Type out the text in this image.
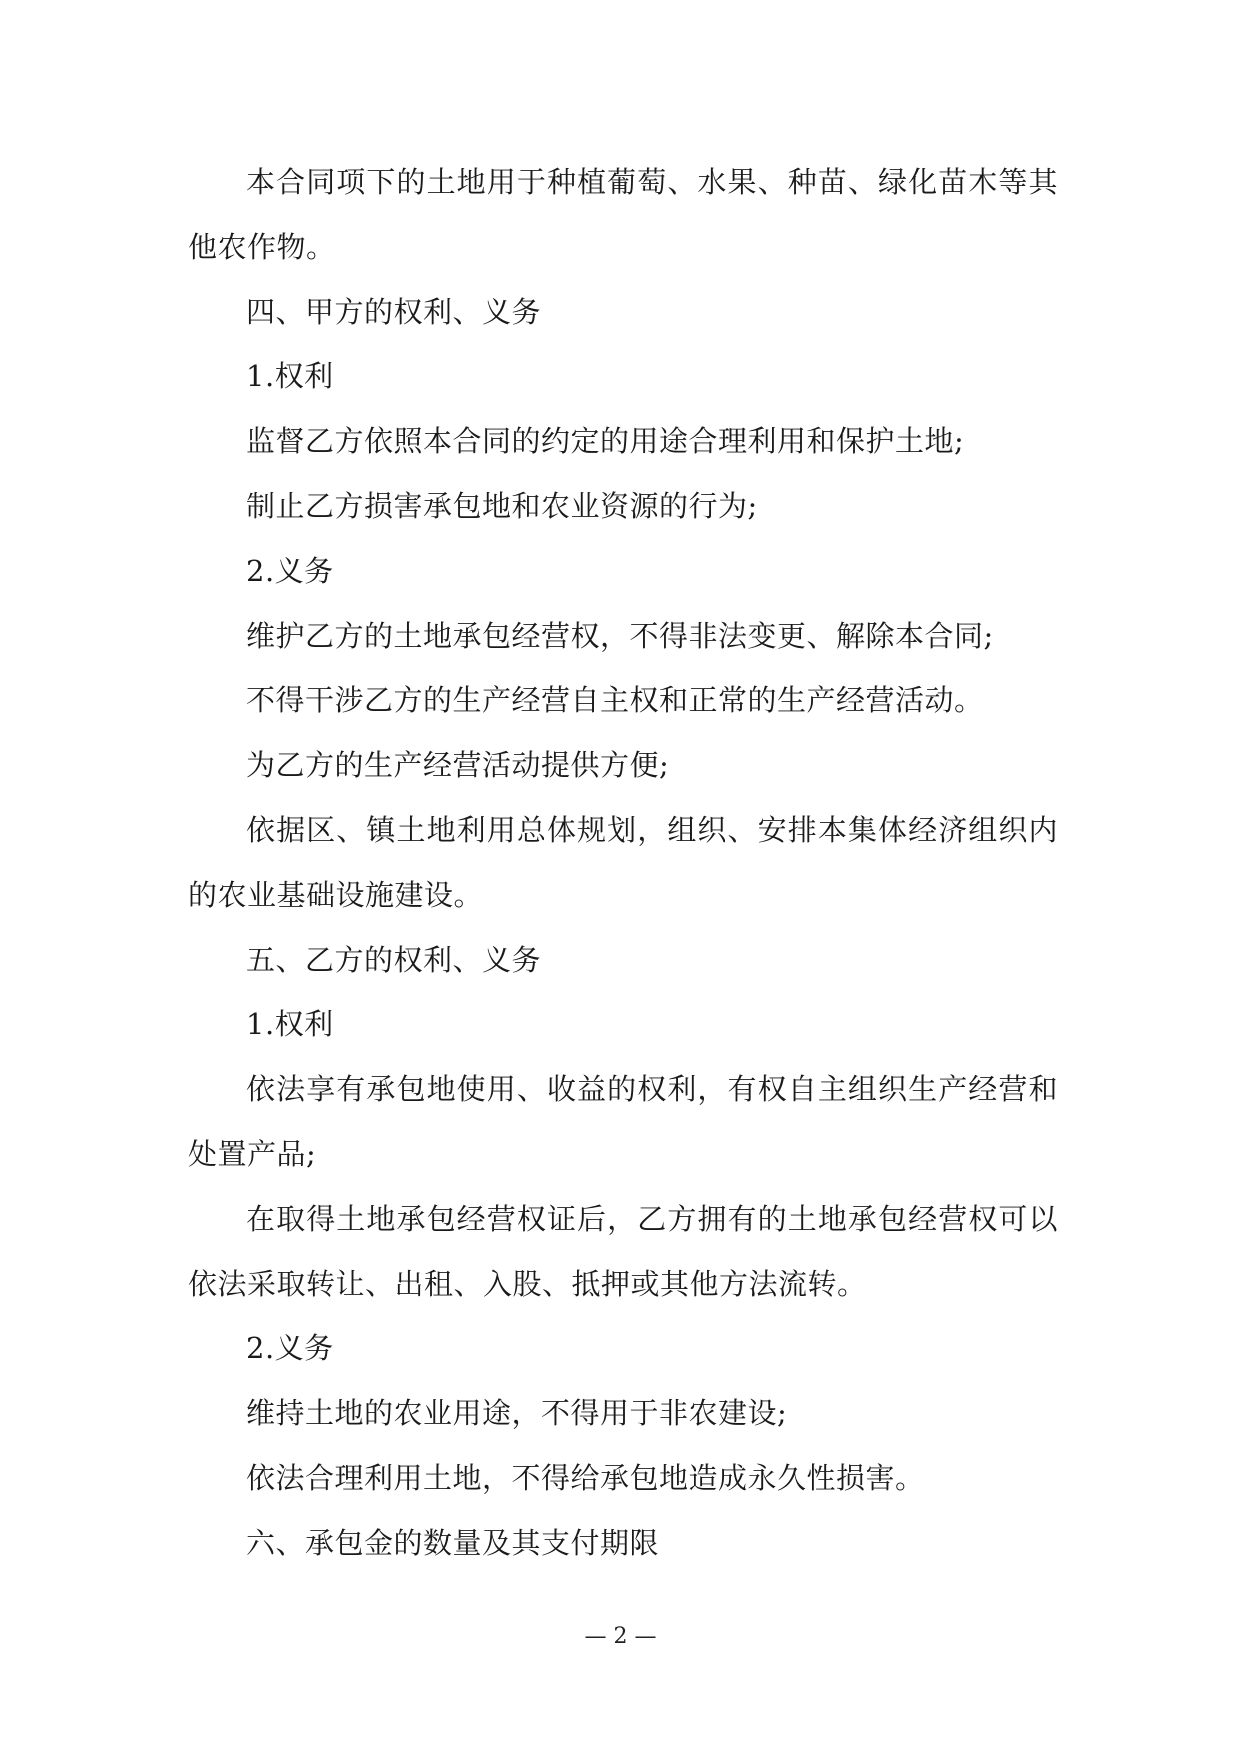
本合同项下的土地用于种植葡萄、水果、种苗、绿化苗木等其他农作物。

四、甲方的权利、义务

1.权利

监督乙方依照本合同的约定的用途合理利用和保护土地;

制止乙方损害承包地和农业资源的行为;

2.义务

维护乙方的土地承包经营权，不得非法变更、解除本合同;

不得干涉乙方的生产经营自主权和正常的生产经营活动。

为乙方的生产经营活动提供方便;

依据区、镇土地利用总体规划，组织、安排本集体经济组织内的农业基础设施建设。

五、乙方的权利、义务

1.权利

依法享有承包地使用、收益的权利，有权自主组织生产经营和处置产品;

在取得土地承包经营权证后，乙方拥有的土地承包经营权可以依法采取转让、出租、入股、抵押或其他方法流转。

2.义务

维持土地的农业用途，不得用于非农建设;

依法合理利用土地，不得给承包地造成永久性损害。

六、承包金的数量及其支付期限

— 2 —
